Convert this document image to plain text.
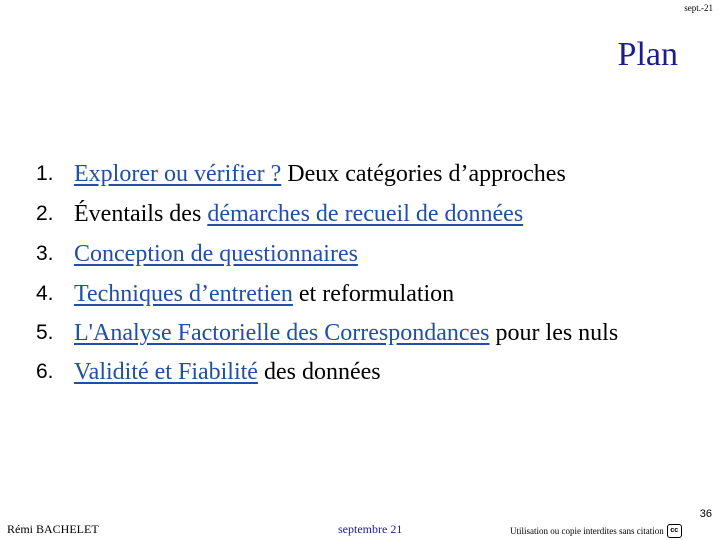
sept.-21
Plan
1. Explorer ou vérifier ? Deux catégories d’approches
2. Éventails des démarches de recueil de données
3. Conception de questionnaires
4. Techniques d’entretien et reformulation
5. L'Analyse Factorielle des Correspondances pour les nuls
6. Validité et Fiabilité des données
36
Rémi BACHELET	septembre 21	Utilisation ou copie interdites sans citation cc
